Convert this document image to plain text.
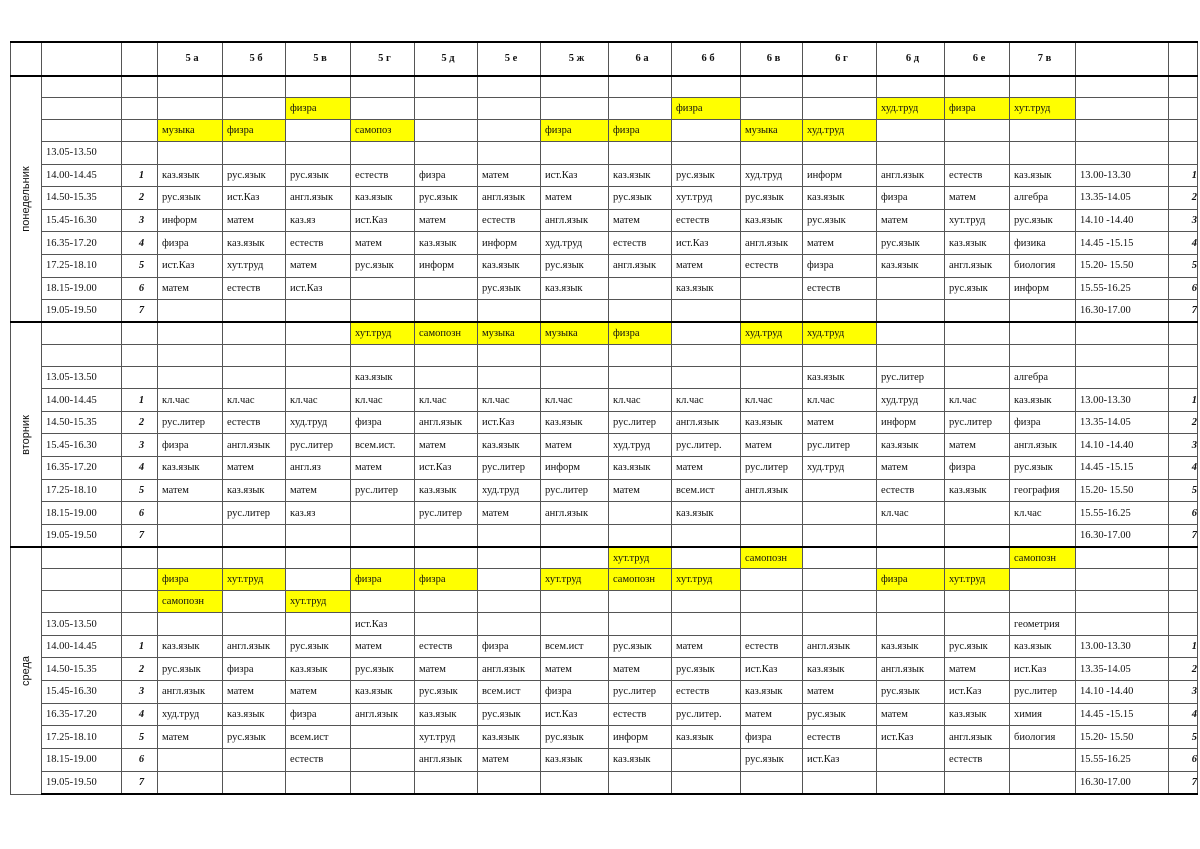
			5 а	5 б	5 в	5 г	5 д	5 е	5 ж	6 а	6 б	6 в	6 г	6 д	6 е	7 в		

понедельник																		

					физра						физра			худ.труд	физра	хут.труд		
			музыка	физра		самопоз			физра	физра		музыка	худ.труд					
	13.05-13.50																	
	14.00-14.45	1	каз.язык	рус.язык	рус.язык	естеств	физра	матем	ист.Каз	каз.язык	рус.язык	худ.труд	информ	англ.язык	естеств	каз.язык	13.00-13.30	1
	14.50-15.35	2	рус.язык	ист.Каз	англ.язык	каз.язык	рус.язык	англ.язык	матем	рус.язык	хут.труд	рус.язык	каз.язык	физра	матем	алгебра	13.35-14.05	2
	15.45-16.30	3	информ	матем	каз.яз	ист.Каз	матем	естеств	англ.язык	матем	естеств	каз.язык	рус.язык	матем	хут.труд	рус.язык	14.10 -14.40	3
	16.35-17.20	4	физра	каз.язык	естеств	матем	каз.язык	информ	худ.труд	естеств	ист.Каз	англ.язык	матем	рус.язык	каз.язык	физика	14.45 -15.15	4
	17.25-18.10	5	ист.Каз	хут.труд	матем	рус.язык	информ	каз.язык	рус.язык	англ.язык	матем	естеств	физра	каз.язык	англ.язык	биология	15.20- 15.50	5
	18.15-19.00	6	матем	естеств	ист.Каз			рус.язык	каз.язык		каз.язык		естеств		рус.язык	информ	15.55-16.25	6
	19.05-19.50	7															16.30-17.00	7

вторник						хут.труд	самопозн	музыка	музыка	физра		худ.труд	худ.труд					

	13.05-13.50					каз.язык							каз.язык	рус.литер		алгебра		
	14.00-14.45	1	кл.час	кл.час	кл.час	кл.час	кл.час	кл.час	кл.час	кл.час	кл.час	кл.час	кл.час	худ.труд	кл.час	каз.язык	13.00-13.30	1
	14.50-15.35	2	рус.литер	естеств	худ.труд	физра	англ.язык	ист.Каз	каз.язык	рус.литер	англ.язык	каз.язык	матем	информ	рус.литер	физра	13.35-14.05	2
	15.45-16.30	3	физра	англ.язык	рус.литер	всем.ист.	матем	каз.язык	матем	худ.труд	рус.литер.	матем	рус.литер	каз.язык	матем	англ.язык	14.10 -14.40	3
	16.35-17.20	4	каз.язык	матем	англ.яз	матем	ист.Каз	рус.литер	информ	каз.язык	матем	рус.литер	худ.труд	матем	физра	рус.язык	14.45 -15.15	4
	17.25-18.10	5	матем	каз.язык	матем	рус.литер	каз.язык	худ.труд	рус.литер	матем	всем.ист	англ.язык		естеств	каз.язык	география	15.20- 15.50	5
	18.15-19.00	6		рус.литер	каз.яз		рус.литер	матем	англ.язык		каз.язык			кл.час		кл.час	15.55-16.25	6
	19.05-19.50	7															16.30-17.00	7

среда										хут.труд		самопозн				самопозн		
			физра	хут.труд		физра	физра		хут.труд	самопозн	хут.труд			физра	хут.труд			
			самопозн		хут.труд													
	13.05-13.50					ист.Каз										геометрия		
	14.00-14.45	1	каз.язык	англ.язык	рус.язык	матем	естеств	физра	всем.ист	рус.язык	матем	естеств	англ.язык	каз.язык	рус.язык	каз.язык	13.00-13.30	1
	14.50-15.35	2	рус.язык	физра	каз.язык	рус.язык	матем	англ.язык	матем	матем	рус.язык	ист.Каз	каз.язык	англ.язык	матем	ист.Каз	13.35-14.05	2
	15.45-16.30	3	англ.язык	матем	матем	каз.язык	рус.язык	всем.ист	физра	рус.литер	естеств	каз.язык	матем	рус.язык	ист.Каз	рус.литер	14.10 -14.40	3
	16.35-17.20	4	худ.труд	каз.язык	физра	англ.язык	каз.язык	рус.язык	ист.Каз	естеств	рус.литер.	матем	рус.язык	матем	каз.язык	химия	14.45 -15.15	4
	17.25-18.10	5	матем	рус.язык	всем.ист		хут.труд	каз.язык	рус.язык	информ	каз.язык	физра	естеств	ист.Каз	англ.язык	биология	15.20- 15.50	5
	18.15-19.00	6			естеств		англ.язык	матем	каз.язык	каз.язык		рус.язык	ист.Каз		естеств		15.55-16.25	6
	19.05-19.50	7															16.30-17.00	7
